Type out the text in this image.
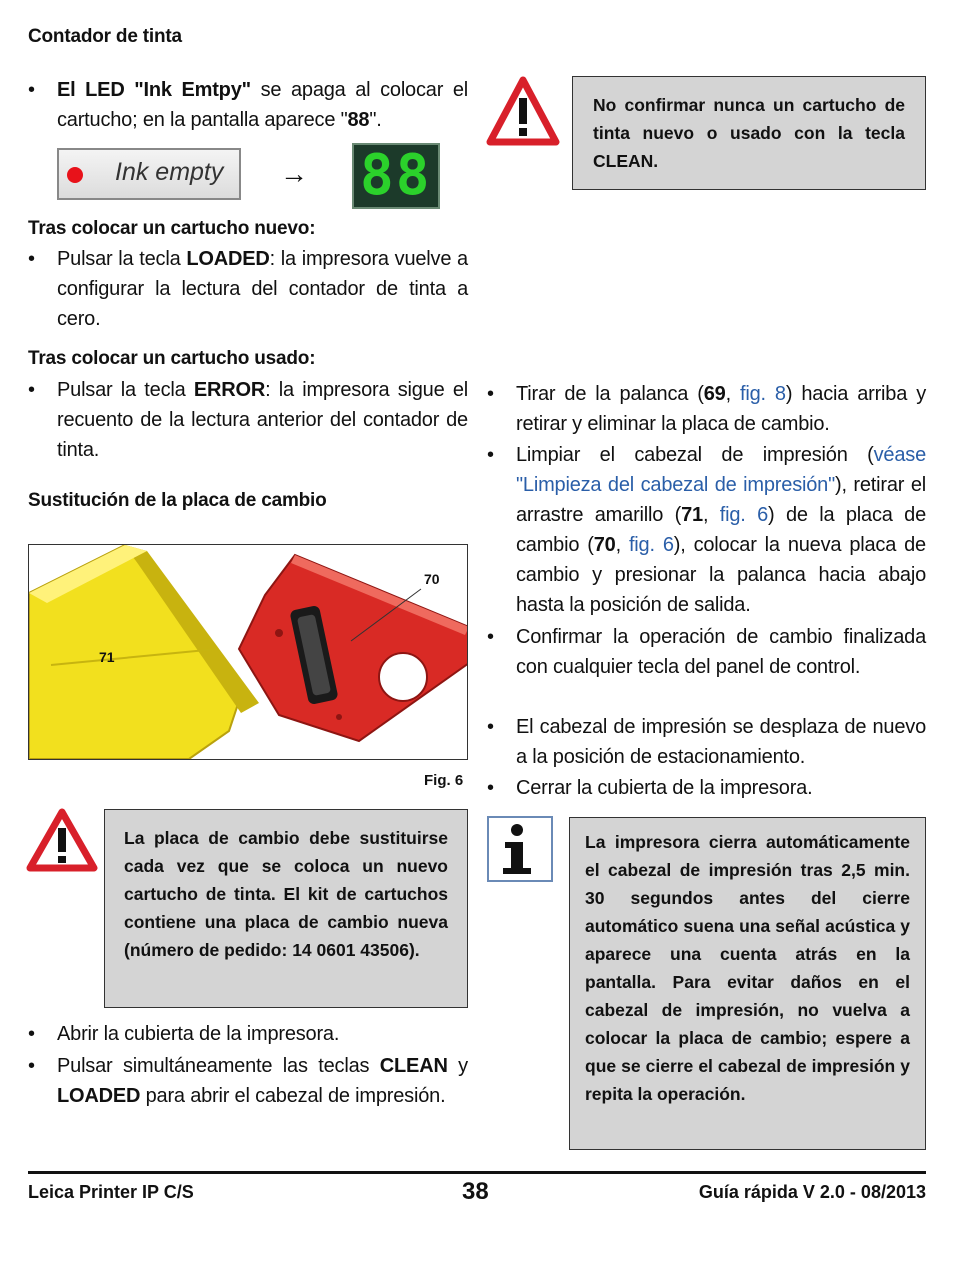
Contador de tinta
• El LED "Ink Emtpy" se apaga al colocar el cartucho; en la pantalla aparece "88".
Ink empty → 88
Tras colocar un cartucho nuevo:
• Pulsar la tecla LOADED: la impresora vuelve a configurar la lectura del contador de tinta a cero.
Tras colocar un cartucho usado:
• Pulsar la tecla ERROR: la impresora sigue el recuento de la lectura anterior del contador de tinta.
Sustitución de la placa de cambio
70
71
Fig. 6
La placa de cambio debe sustituirse cada vez que se coloca un nuevo cartucho de tinta. El kit de cartuchos contiene una placa de cambio nueva (número de pedido: 14 0601 43506).
• Abrir la cubierta de la impresora.
• Pulsar simultáneamente las teclas CLEAN y LOADED para abrir el cabezal de impresión.
No confirmar nunca un cartucho de tinta nuevo o usado con la tecla CLEAN.
• Tirar de la palanca (69, fig. 8) hacia arriba y retirar y eliminar la placa de cambio.
• Limpiar el cabezal de impresión (véase "Limpieza del cabezal de impresión"), retirar el arrastre amarillo (71, fig. 6) de la placa de cambio (70, fig. 6), colocar la nueva placa de cambio y presionar la palanca hacia abajo hasta la posición de salida.
• Confirmar la operación de cambio finalizada con cualquier tecla del panel de control.
• El cabezal de impresión se desplaza de nuevo a la posición de estacionamiento.
• Cerrar la cubierta de la impresora.
La impresora cierra automáticamente el cabezal de impresión tras 2,5 min. 30 segundos antes del cierre automático suena una señal acústica y aparece una cuenta atrás en la pantalla. Para evitar daños en el cabezal de impresión, no vuelva a colocar la placa de cambio; espere a que se cierre el cabezal de impresión y repita la operación.
Leica Printer IP C/S	38	Guía rápida V 2.0 - 08/2013
